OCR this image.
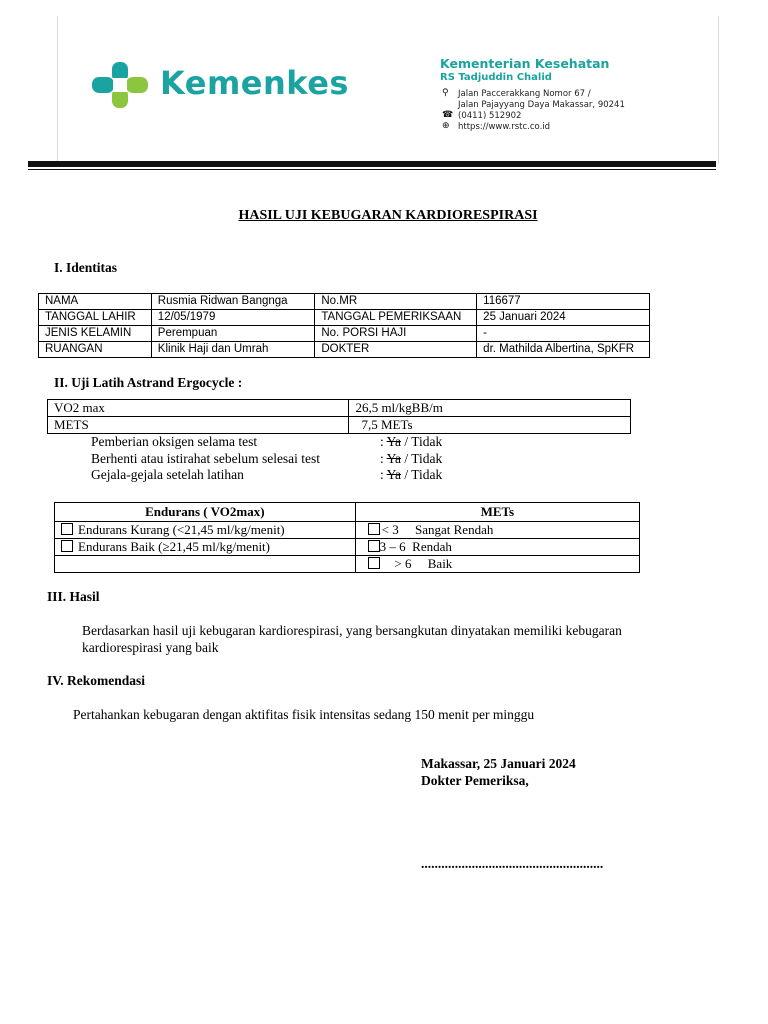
Kemenkes
Kementerian Kesehatan
RS Tadjuddin Chalid
⚲ Jalan Paccerakkang Nomor 67 /
Jalan Pajayyang Daya Makassar, 90241
☎ (0411) 512902
⊕ https://www.rstc.co.id
HASIL UJI KEBUGARAN KARDIORESPIRASI
I. Identitas
NAMA	Rusmia Ridwan Bangnga	No.MR	116677
TANGGAL LAHIR	12/05/1979	TANGGAL PEMERIKSAAN	25 Januari 2024
JENIS KELAMIN	Perempuan	No. PORSI HAJI	-
RUANGAN	Klinik Haji dan Umrah	DOKTER	dr. Mathilda Albertina, SpKFR
II. Uji Latih Astrand Ergocycle :
VO2 max	26,5 ml/kgBB/m
METS	7,5 METs
Pemberian oksigen selama test	: Ya / Tidak
Berhenti atau istirahat sebelum selesai test	: Ya / Tidak
Gejala-gejala setelah latihan	: Ya / Tidak
Endurans ( VO2max)	METs
Endurans Kurang (<21,45 ml/kg/menit)	< 3     Sangat Rendah
Endurans Baik (≥21,45 ml/kg/menit)	3 – 6  Rendah
	> 6     Baik
III. Hasil
Berdasarkan hasil uji kebugaran kardiorespirasi, yang bersangkutan dinyatakan memiliki kebugaran
kardiorespirasi yang baik
IV. Rekomendasi
Pertahankan kebugaran dengan aktifitas fisik intensitas sedang 150 menit per minggu
Makassar, 25 Januari 2024
Dokter Pemeriksa,
......................................................
